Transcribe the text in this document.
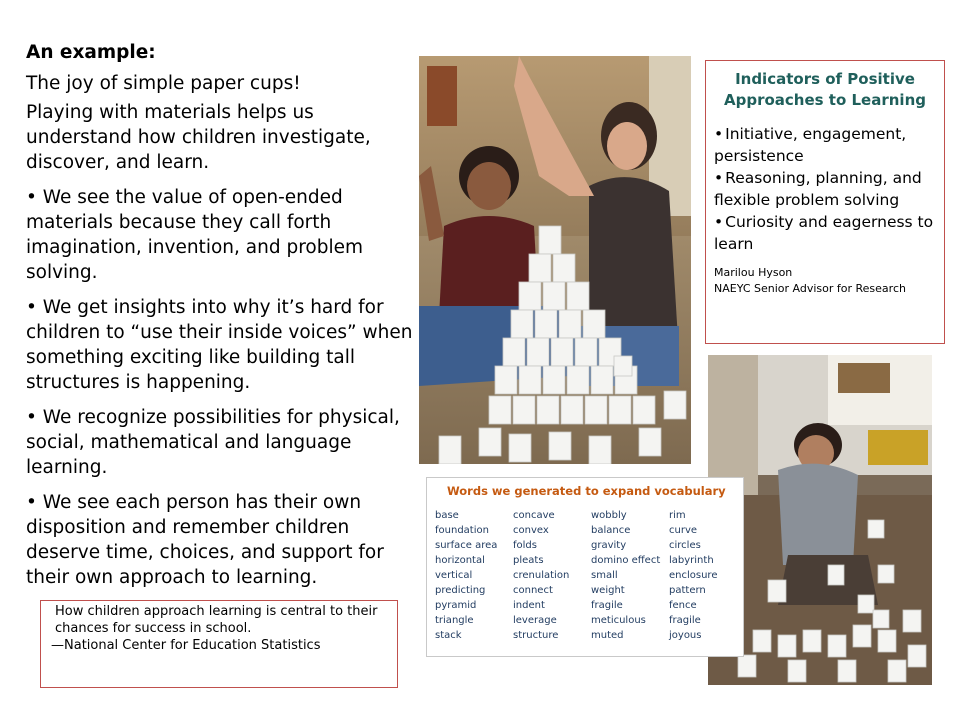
An example:

The joy of simple paper cups!

Playing with materials helps us understand how children investigate, discover, and learn.

• We see the value of open-ended materials because they call forth imagination, invention, and problem solving.

• We get insights into why it’s hard for children to “use their inside voices” when something exciting like building tall structures is happening.

• We recognize possibilities for physical, social, mathematical and language learning.

• We see each person has their own disposition and remember children deserve time, choices, and support for their own approach to learning.

How children approach learning is central to their chances for success in school.
—National Center for Education Statistics
Indicators of Positive Approaches to Learning
• Initiative, engagement, persistence
• Reasoning, planning, and flexible problem solving
• Curiosity and eagerness to learn
Marilou Hyson
NAEYC Senior Advisor for Research
Words we generated to expand vocabulary
base
foundation
surface area
horizontal
vertical
predicting
pyramid
triangle
stack
concave
convex
folds
pleats
crenulation
connect
indent
leverage
structure
wobbly
balance
gravity
domino effect
small
weight
fragile
meticulous
muted
rim
curve
circles
labyrinth
enclosure
pattern
fence
fragile
joyous
